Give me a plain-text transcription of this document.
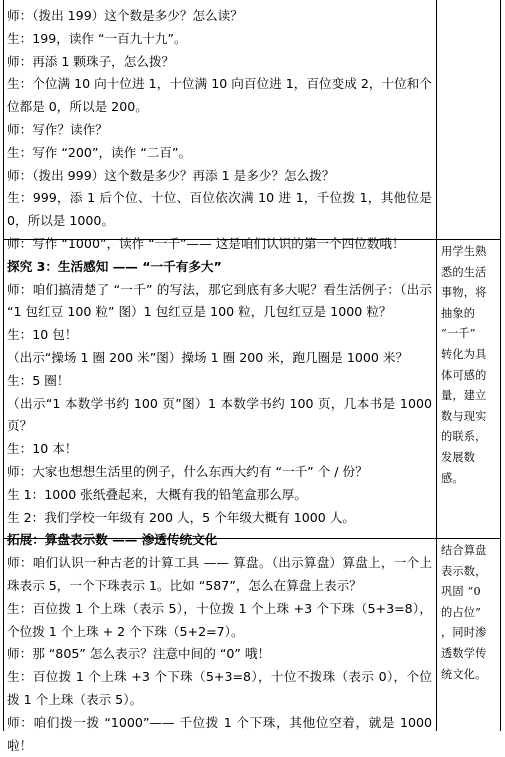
师：（拨出 199）这个数是多少？怎么读？

生：199，读作 “一百九十九”。

师：再添 1 颗珠子，怎么拨？

生：个位满 10 向十位进 1，十位满 10 向百位进 1，百位变成 2，十位和个位都是 0，所以是 200。

师：写作？读作？

生：写作 “200”，读作 “二百”。

师：（拨出 999）这个数是多少？再添 1 是多少？怎么拨？

生：999，添 1 后个位、十位、百位依次满 10 进 1，千位拨 1，其他位是 0，所以是 1000。

师：写作 “1000”，读作 “一千”—— 这是咱们认识的第一个四位数哦！

探究 3：生活感知 —— “一千有多大”

师：咱们搞清楚了 “一千” 的写法，那它到底有多大呢？看生活例子：（出示 “1 包红豆 100 粒” 图）1 包红豆是 100 粒，几包红豆是 1000 粒？

生：10 包！

（出示“操场 1 圈 200 米”图）操场 1 圈 200 米，跑几圈是 1000 米？

生：5 圈！

（出示“1 本数学书约 100 页”图）1 本数学书约 100 页，几本书是 1000 页？

生：10 本！

师：大家也想想生活里的例子，什么东西大约有 “一千” 个 / 份？

生 1：1000 张纸叠起来，大概有我的铅笔盒那么厚。

生 2：我们学校一年级有 200 人，5 个年级大概有 1000 人。

拓展：算盘表示数 —— 渗透传统文化

师：咱们认识一种古老的计算工具 —— 算盘。（出示算盘）算盘上，一个上珠表示 5，一个下珠表示 1。比如 “587”，怎么在算盘上表示？

生：百位拨 1 个上珠（表示 5），十位拨 1 个上珠 +3 个下珠（5+3=8），个位拨 1 个上珠 + 2 个下珠（5+2=7）。

师：那 “805” 怎么表示？注意中间的 “0” 哦！

生：百位拨 1 个上珠 +3 个下珠（5+3=8），十位不拨珠（表示 0），个位拨 1 个上珠（表示 5）。

师：咱们拨一拨 “1000”—— 千位拨 1 个下珠，其他位空着，就是 1000 啦！

用学生熟

悉的生活

事物，将

抽象的

“一千”

转化为具

体可感的

量，建立

数与现实

的联系，

发展数感。

结合算盘

表示数，

巩固 “0

的占位”

，同时渗

透数学传

统文化。
